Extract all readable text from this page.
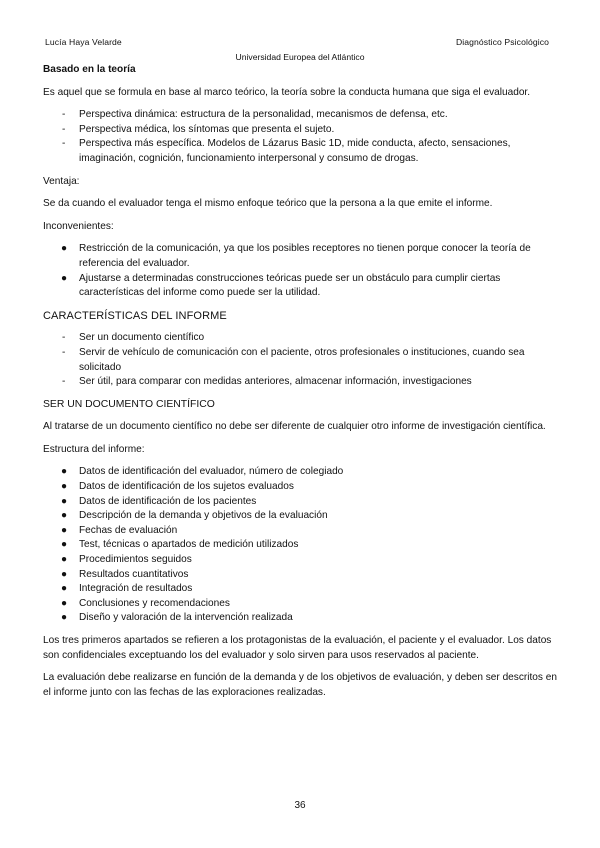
Lucía Haya Velarde	Diagnóstico Psicológico
Universidad Europea del Atlántico

Basado en la teoría

Es aquel que se formula en base al marco teórico, la teoría sobre la conducta humana que siga el evaluador.

- Perspectiva dinámica: estructura de la personalidad, mecanismos de defensa, etc.
- Perspectiva médica, los síntomas que presenta el sujeto.
- Perspectiva más específica. Modelos de Lázarus Basic 1D, mide conducta, afecto, sensaciones, imaginación, cognición, funcionamiento interpersonal y consumo de drogas.

Ventaja:

Se da cuando el evaluador tenga el mismo enfoque teórico que la persona a la que emite el informe.

Inconvenientes:

● Restricción de la comunicación, ya que los posibles receptores no tienen porque conocer la teoría de referencia del evaluador.
● Ajustarse a determinadas construcciones teóricas puede ser un obstáculo para cumplir ciertas características del informe como puede ser la utilidad.

CARACTERÍSTICAS DEL INFORME

- Ser un documento científico
- Servir de vehículo de comunicación con el paciente, otros profesionales o instituciones, cuando sea solicitado
- Ser útil, para comparar con medidas anteriores, almacenar información, investigaciones

SER UN DOCUMENTO CIENTÍFICO

Al tratarse de un documento científico no debe ser diferente de cualquier otro informe de investigación científica.

Estructura del informe:

● Datos de identificación del evaluador, número de colegiado
● Datos de identificación de los sujetos evaluados
● Datos de identificación de los pacientes
● Descripción de la demanda y objetivos de la evaluación
● Fechas de evaluación
● Test, técnicas o apartados de medición utilizados
● Procedimientos seguidos
● Resultados cuantitativos
● Integración de resultados
● Conclusiones y recomendaciones
● Diseño y valoración de la intervención realizada

Los tres primeros apartados se refieren a los protagonistas de la evaluación, el paciente y el evaluador. Los datos son confidenciales exceptuando los del evaluador y solo sirven para usos reservados al paciente.

La evaluación debe realizarse en función de la demanda y de los objetivos de evaluación, y deben ser descritos en el informe junto con las fechas de las exploraciones realizadas.

36
